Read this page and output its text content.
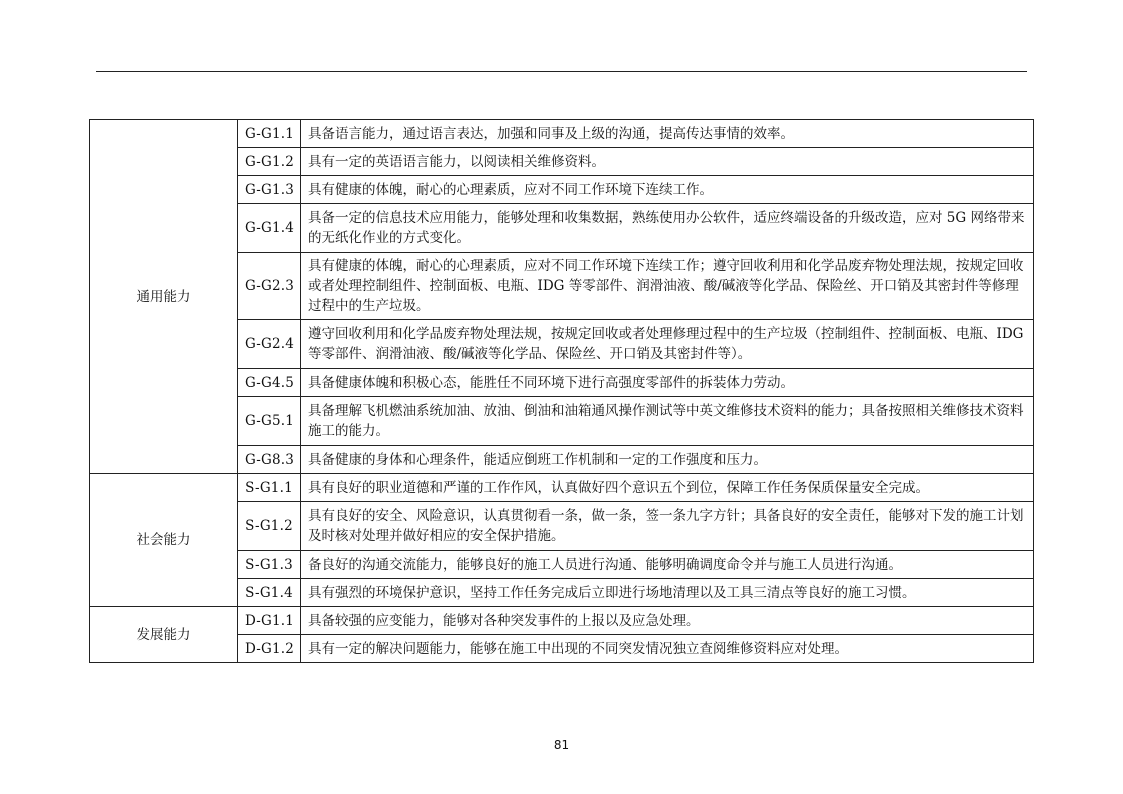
通用能力	G-G1.1	具备语言能力，通过语言表达，加强和同事及上级的沟通，提高传达事情的效率。
	G-G1.2	具有一定的英语语言能力，以阅读相关维修资料。
	G-G1.3	具有健康的体魄，耐心的心理素质，应对不同工作环境下连续工作。
	G-G1.4	具备一定的信息技术应用能力，能够处理和收集数据，熟练使用办公软件，适应终端设备的升级改造，应对 5G 网络带来的无纸化作业的方式变化。
	G-G2.3	具有健康的体魄，耐心的心理素质，应对不同工作环境下连续工作；遵守回收利用和化学品废弃物处理法规，按规定回收或者处理控制组件、控制面板、电瓶、IDG 等零部件、润滑油液、酸/碱液等化学品、保险丝、开口销及其密封件等修理过程中的生产垃圾。
	G-G2.4	遵守回收利用和化学品废弃物处理法规，按规定回收或者处理修理过程中的生产垃圾（控制组件、控制面板、电瓶、IDG 等零部件、润滑油液、酸/碱液等化学品、保险丝、开口销及其密封件等）。
	G-G4.5	具备健康体魄和积极心态，能胜任不同环境下进行高强度零部件的拆装体力劳动。
	G-G5.1	具备理解飞机燃油系统加油、放油、倒油和油箱通风操作测试等中英文维修技术资料的能力；具备按照相关维修技术资料施工的能力。
	G-G8.3	具备健康的身体和心理条件，能适应倒班工作机制和一定的工作强度和压力。
社会能力	S-G1.1	具有良好的职业道德和严谨的工作作风，认真做好四个意识五个到位，保障工作任务保质保量安全完成。
	S-G1.2	具有良好的安全、风险意识，认真贯彻看一条，做一条，签一条九字方针；具备良好的安全责任，能够对下发的施工计划及时核对处理并做好相应的安全保护措施。
	S-G1.3	备良好的沟通交流能力，能够良好的施工人员进行沟通、能够明确调度命令并与施工人员进行沟通。
	S-G1.4	具有强烈的环境保护意识，坚持工作任务完成后立即进行场地清理以及工具三清点等良好的施工习惯。
发展能力	D-G1.1	具备较强的应变能力，能够对各种突发事件的上报以及应急处理。
	D-G1.2	具有一定的解决问题能力，能够在施工中出现的不同突发情况独立查阅维修资料应对处理。
81
